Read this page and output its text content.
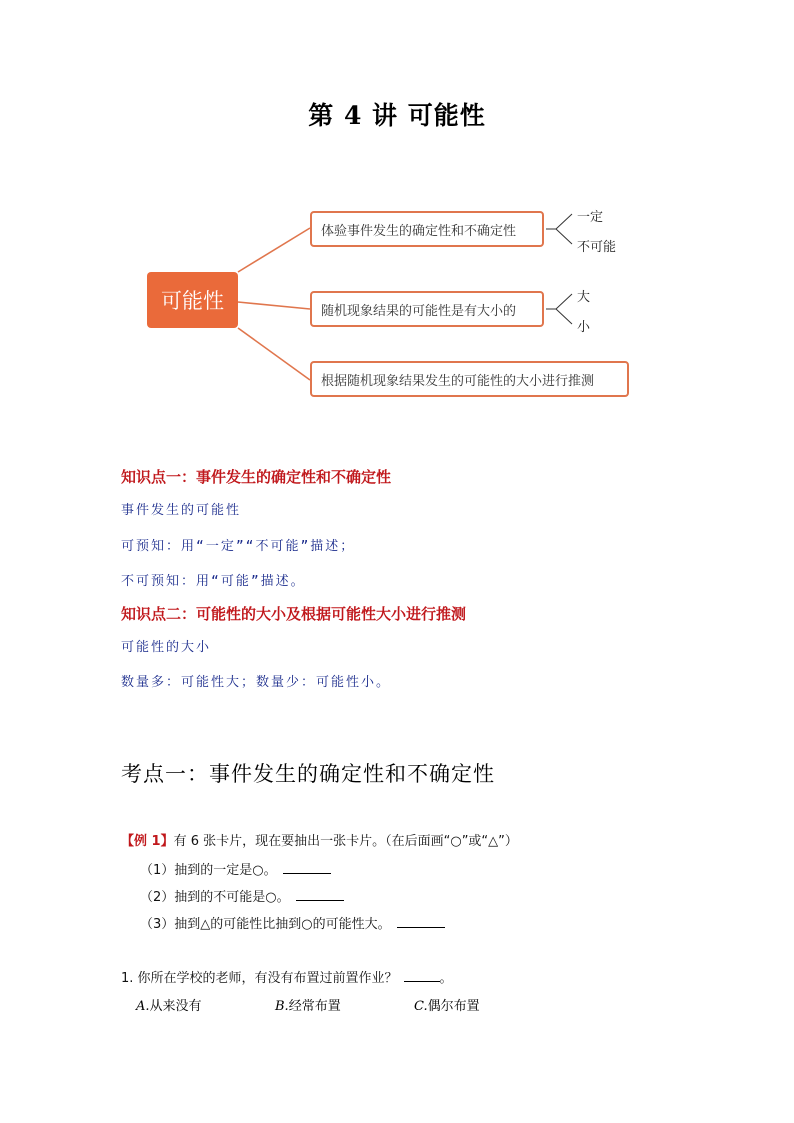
第 4 讲 可能性
可能性
体验事件发生的确定性和不确定性
随机现象结果的可能性是有大小的
根据随机现象结果发生的可能性的大小进行推测
一定
不可能
大
小
知识点一：事件发生的确定性和不确定性
事件发生的可能性
可预知：用“一定”“不可能”描述；
不可预知：用“可能”描述。
知识点二：可能性的大小及根据可能性大小进行推测
可能性的大小
数量多：可能性大；数量少：可能性小。
考点一：事件发生的确定性和不确定性
【例 1】有 6 张卡片，现在要抽出一张卡片。（在后面画“○”或“△”）
（1）抽到的一定是○。
（2）抽到的不可能是○。
（3）抽到△的可能性比抽到○的可能性大。
1. 你所在学校的老师，有没有布置过前置作业？	。
A.从来没有	B.经常布置	C.偶尔布置
